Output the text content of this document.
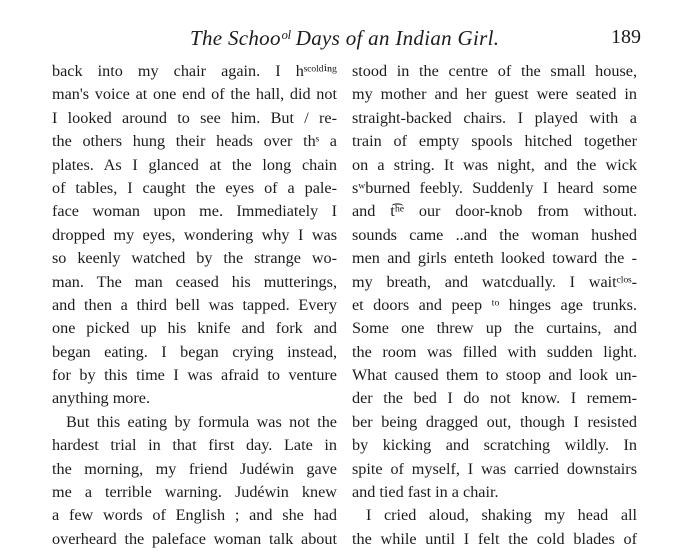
The Schooᵒˡ Days of an Indian Girl.	189
back into my chair again. I hˢᶜᵒˡᵈⁱⁿᵍ
man's voice at one end of the hall, did not
I looked around to see him. But / re-
the others hung their heads over thˢ a
plates. As I glanced at the long chain
of tables, I caught the eyes of a pale-
face woman upon me. Immediately I
dropped my eyes, wondering why I was
so keenly watched by the strange wo-
man. The man ceased his mutterings,
and then a third bell was tapped. Every
one picked up his knife and fork and
began eating. I began crying instead,
for by this time I was afraid to venture
anything more.
But this eating by formula was not the
hardest trial in that first day. Late in
the morning, my friend Judéwin gave
me a terrible warning. Judéwin knew
a few words of English ; and she had
overheard the paleface woman talk about
stood in the centre of the small house,
my mother and her guest were seated in
straight-backed chairs. I played with a
train of empty spools hitched together
on a string. It was night, and the wick
sʷburned feebly. Suddenly I heard some
and t͡ʰᵉ our door-knob from without.
sounds came ..and the woman hushed
men and girls enteth looked toward the -
my breath, and watcdually. I waitᶜˡᵒˢ-
et doors and peep ᵗᵒ hinges age trunks.
Some one threw up the curtains, and
the room was filled with sudden light.
What caused them to stoop and look un-
der the bed I do not know. I remem-
ber being dragged out, though I resisted
by kicking and scratching wildly. In
spite of myself, I was carried downstairs
and tied fast in a chair.
I cried aloud, shaking my head all
the while until I felt the cold blades of
